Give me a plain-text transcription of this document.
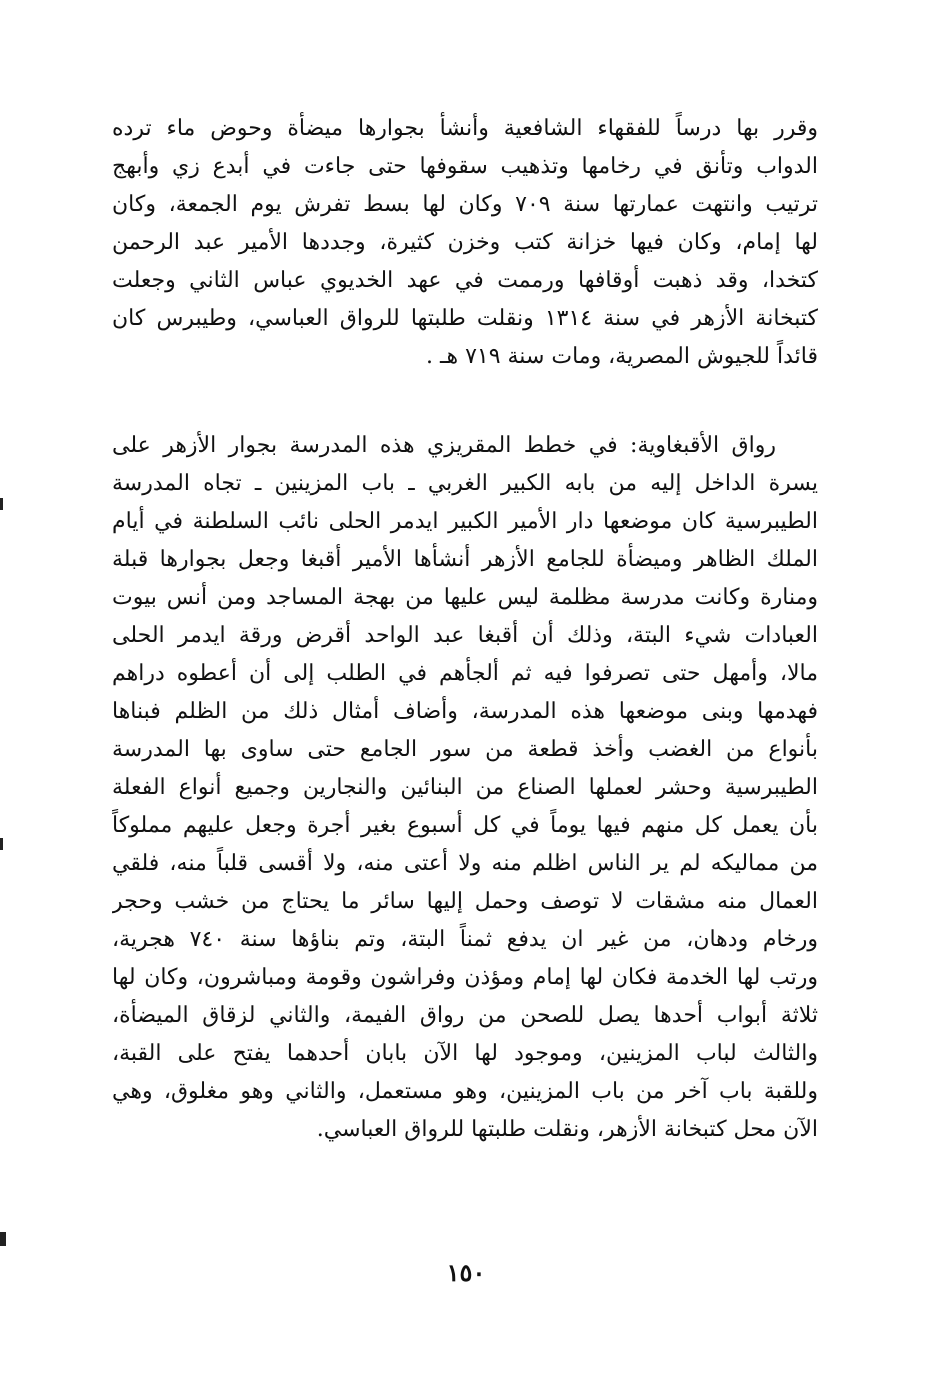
وقرر بها درساً للفقهاء الشافعية وأنشأ بجوارها ميضأة وحوض ماء ترده
الدواب وتأنق في رخامها وتذهيب سقوفها حتى جاءت في أبدع زي وأبهج
ترتيب وانتهت عمارتها سنة ٧٠٩ وكان لها بسط تفرش يوم الجمعة، وكان
لها إمام، وكان فيها خزانة كتب وخزن كثيرة، وجددها الأمير عبد الرحمن
كتخدا، وقد ذهبت أوقافها ورممت في عهد الخديوي عباس الثاني وجعلت
كتبخانة الأزهر في سنة ١٣١٤ ونقلت طلبتها للرواق العباسي، وطيبرس كان
قائداً للجيوش المصرية، ومات سنة ٧١٩ هـ .
رواق الأقبغاوية: في خطط المقريزي هذه المدرسة بجوار الأزهر على
يسرة الداخل إليه من بابه الكبير الغربي ـ باب المزينين ـ تجاه المدرسة
الطيبرسية كان موضعها دار الأمير الكبير ايدمر الحلى نائب السلطنة في أيام
الملك الظاهر وميضأة للجامع الأزهر أنشأها الأمير أقبغا وجعل بجوارها قبلة
ومنارة وكانت مدرسة مظلمة ليس عليها من بهجة المساجد ومن أنس بيوت
العبادات شيء البتة، وذلك أن أقبغا عبد الواحد أقرض ورقة ايدمر الحلى
مالا، وأمهل حتى تصرفوا فيه ثم ألجأهم في الطلب إلى أن أعطوه دراهم
فهدمها وبنى موضعها هذه المدرسة، وأضاف أمثال ذلك من الظلم فبناها
بأنواع من الغضب وأخذ قطعة من سور الجامع حتى ساوى بها المدرسة
الطيبرسية وحشر لعملها الصناع من البنائين والنجارين وجميع أنواع الفعلة
بأن يعمل كل منهم فيها يوماً في كل أسبوع بغير أجرة وجعل عليهم مملوكاً
من مماليكه لم ير الناس اظلم منه ولا أعتى منه، ولا أقسى قلباً منه، فلقي
العمال منه مشقات لا توصف وحمل إليها سائر ما يحتاج من خشب وحجر
ورخام ودهان، من غير ان يدفع ثمناً البتة، وتم بناؤها سنة ٧٤٠ هجرية،
ورتب لها الخدمة فكان لها إمام ومؤذن وفراشون وقومة ومباشرون، وكان لها
ثلاثة أبواب أحدها يصل للصحن من رواق الفيمة، والثاني لزقاق الميضأة،
والثالث لباب المزينين، وموجود لها الآن بابان أحدهما يفتح على القبة،
وللقبة باب آخر من باب المزينين، وهو مستعمل، والثاني وهو مغلوق، وهي
الآن محل كتبخانة الأزهر، ونقلت طلبتها للرواق العباسي.
١٥٠
